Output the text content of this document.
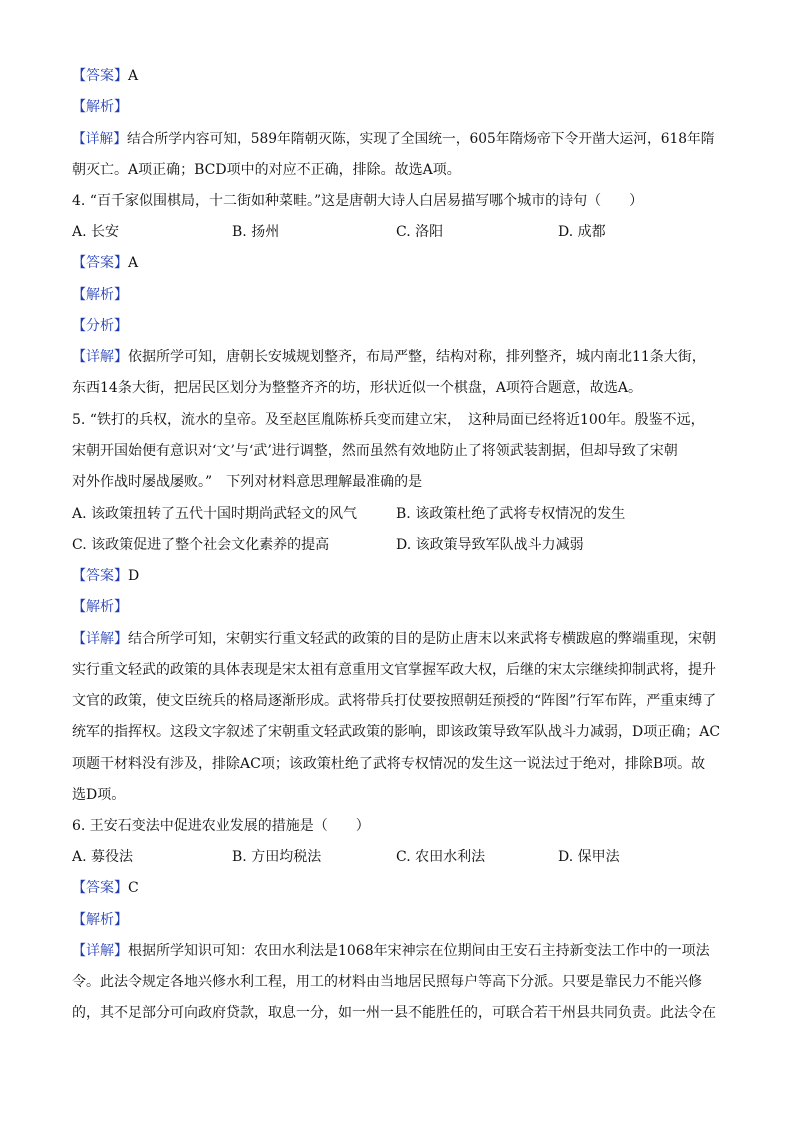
【答案】A
【解析】
【详解】结合所学内容可知，589年隋朝灭陈，实现了全国统一，605年隋炀帝下令开凿大运河，618年隋
朝灭亡。A项正确；BCD项中的对应不正确，排除。故选A项。
4. “百千家似围棋局，十二街如种菜畦。”这是唐朝大诗人白居易描写哪个城市的诗句（　　）
A. 长安	B. 扬州	C. 洛阳	D. 成都
【答案】A
【解析】
【分析】
【详解】依据所学可知，唐朝长安城规划整齐，布局严整，结构对称，排列整齐，城内南北11条大街，
东西14条大街，把居民区划分为整整齐齐的坊，形状近似一个棋盘，A项符合题意，故选A。
5. “铁打的兵权，流水的皇帝。及至赵匡胤陈桥兵变而建立宋，　这种局面已经将近100年。殷鉴不远，
宋朝开国始便有意识对‘文’与‘武’进行调整，然而虽然有效地防止了将领武装割据，但却导致了宋朝
对外作战时屡战屡败。”　下列对材料意思理解最准确的是
A. 该政策扭转了五代十国时期尚武轻文的风气	B. 该政策杜绝了武将专权情况的发生
C. 该政策促进了整个社会文化素养的提高	D. 该政策导致军队战斗力减弱
【答案】D
【解析】
【详解】结合所学可知，宋朝实行重文轻武的政策的目的是防止唐末以来武将专横跋扈的弊端重现，宋朝
实行重文轻武的政策的具体表现是宋太祖有意重用文官掌握军政大权，后继的宋太宗继续抑制武将，提升
文官的政策，使文臣统兵的格局逐渐形成。武将带兵打仗要按照朝廷预授的“阵图”行军布阵，严重束缚了
统军的指挥权。这段文字叙述了宋朝重文轻武政策的影响，即该政策导致军队战斗力减弱，D项正确；AC
项题干材料没有涉及，排除AC项；该政策杜绝了武将专权情况的发生这一说法过于绝对，排除B项。故
选D项。
6. 王安石变法中促进农业发展的措施是（　　）
A. 募役法	B. 方田均税法	C. 农田水利法	D. 保甲法
【答案】C
【解析】
【详解】根据所学知识可知：农田水利法是1068年宋神宗在位期间由王安石主持新变法工作中的一项法
令。此法令规定各地兴修水利工程，用工的材料由当地居民照每户等高下分派。只要是靠民力不能兴修
的，其不足部分可向政府贷款，取息一分，如一州一县不能胜任的，可联合若干州县共同负责。此法令在
